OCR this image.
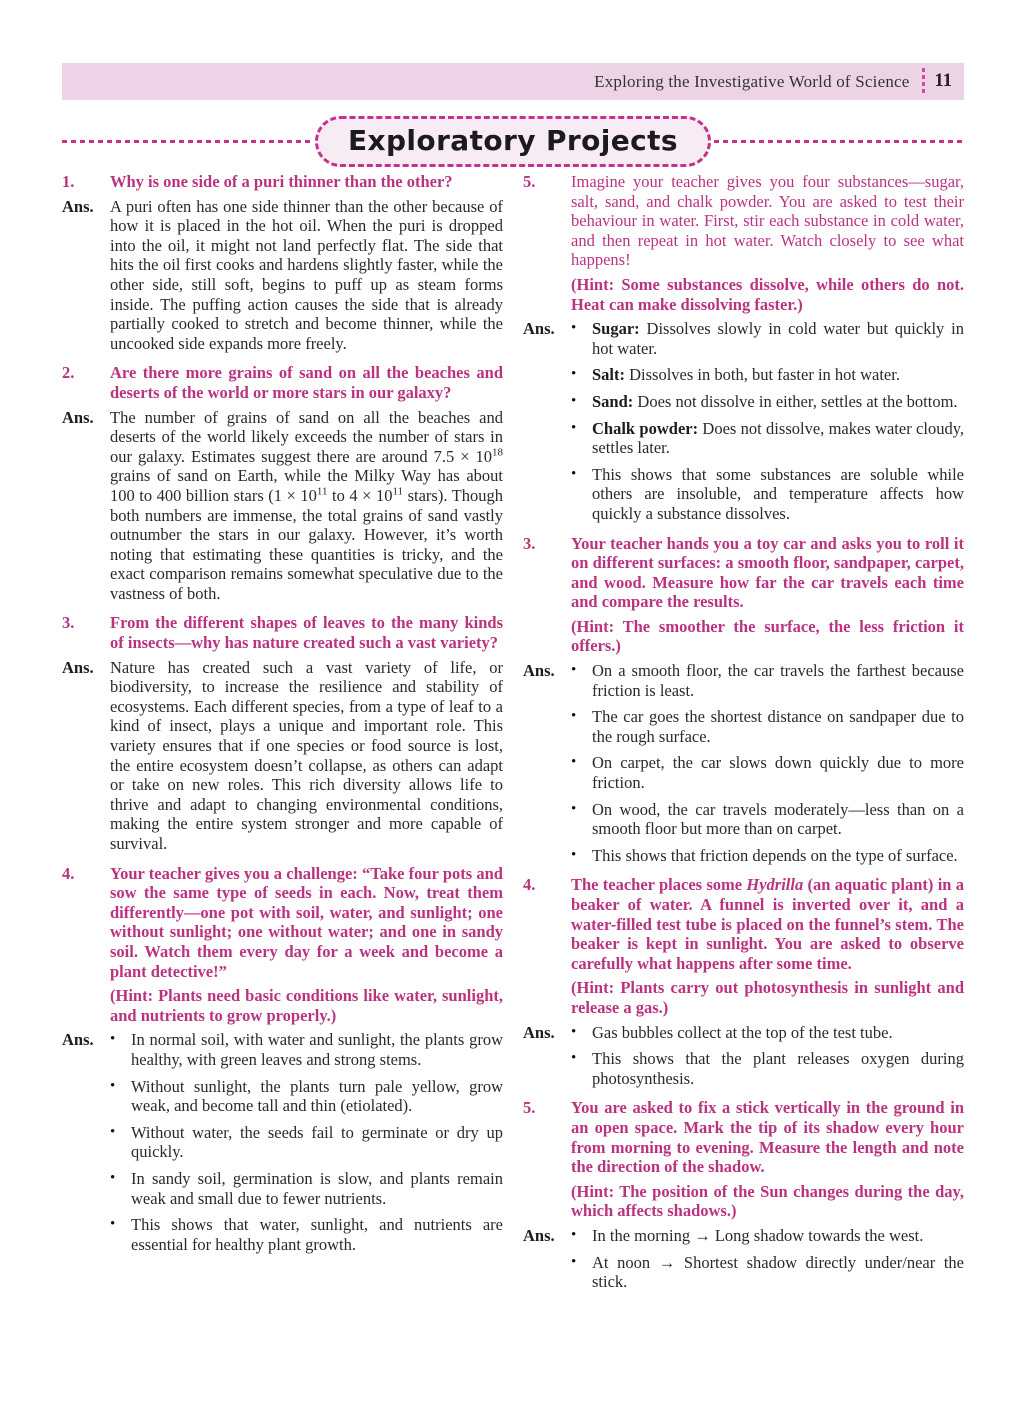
Exploring the Investigative World of Science 11
Exploratory Projects
1.	Why is one side of a puri thinner than the other?

Ans. A puri often has one side thinner than the other because of how it is placed in the hot oil. When the puri is dropped into the oil, it might not land perfectly flat. The side that hits the oil first cooks and hardens slightly faster, while the other side, still soft, begins to puff up as steam forms inside. The puffing action causes the side that is already partially cooked to stretch and become thinner, while the uncooked side expands more freely.

2.	Are there more grains of sand on all the beaches and deserts of the world or more stars in our galaxy?

Ans. The number of grains of sand on all the beaches and deserts of the world likely exceeds the number of stars in our galaxy. Estimates suggest there are around $7.5 \times 10^{18}$ grains of sand on Earth, while the Milky Way has about 100 to 400 billion stars ($1 \times 10^{11}$ to $4 \times 10^{11}$ stars). Though both numbers are immense, the total grains of sand vastly outnumber the stars in our galaxy. However, it’s worth noting that estimating these quantities is tricky, and the exact comparison remains somewhat speculative due to the vastness of both.

3.	From the different shapes of leaves to the many kinds of insects—why has nature created such a vast variety?

Ans. Nature has created such a vast variety of life, or biodiversity, to increase the resilience and stability of ecosystems. Each different species, from a type of leaf to a kind of insect, plays a unique and important role. This variety ensures that if one species or food source is lost, the entire ecosystem doesn’t collapse, as others can adapt or take on new roles. This rich diversity allows life to thrive and adapt to changing environmental conditions, making the entire system stronger and more capable of survival.

4.	Your teacher gives you a challenge: “Take four pots and sow the same type of seeds in each. Now, treat them differently—one pot with soil, water, and sunlight; one without sunlight; one without water; and one in sandy soil. Watch them every day for a week and become a plant detective!”

(Hint: Plants need basic conditions like water, sunlight, and nutrients to grow properly.)

Ans.	• In normal soil, with water and sunlight, the plants grow healthy, with green leaves and strong stems.
• Without sunlight, the plants turn pale yellow, grow weak, and become tall and thin (etiolated).
• Without water, the seeds fail to germinate or dry up quickly.
• In sandy soil, germination is slow, and plants remain weak and small due to fewer nutrients.
• This shows that water, sunlight, and nutrients are essential for healthy plant growth.
5.	Imagine your teacher gives you four substances—sugar, salt, sand, and chalk powder. You are asked to test their behaviour in water. First, stir each substance in cold water, and then repeat in hot water. Watch closely to see what happens!

(Hint: Some substances dissolve, while others do not. Heat can make dissolving faster.)

Ans.	• Sugar: Dissolves slowly in cold water but quickly in hot water.
• Salt: Dissolves in both, but faster in hot water.
• Sand: Does not dissolve in either, settles at the bottom.
• Chalk powder: Does not dissolve, makes water cloudy, settles later.
• This shows that some substances are soluble while others are insoluble, and temperature affects how quickly a substance dissolves.
3.	Your teacher hands you a toy car and asks you to roll it on different surfaces: a smooth floor, sandpaper, carpet, and wood. Measure how far the car travels each time and compare the results.

(Hint: The smoother the surface, the less friction it offers.)

Ans.	• On a smooth floor, the car travels the farthest because friction is least.
• The car goes the shortest distance on sandpaper due to the rough surface.
• On carpet, the car slows down quickly due to more friction.
• On wood, the car travels moderately—less than on a smooth floor but more than on carpet.
• This shows that friction depends on the type of surface.
4.	The teacher places some Hydrilla (an aquatic plant) in a beaker of water. A funnel is inverted over it, and a water-filled test tube is placed on the funnel’s stem. The beaker is kept in sunlight. You are asked to observe carefully what happens after some time.

(Hint: Plants carry out photosynthesis in sunlight and release a gas.)

Ans.	• Gas bubbles collect at the top of the test tube.
• This shows that the plant releases oxygen during photosynthesis.
5.	You are asked to fix a stick vertically in the ground in an open space. Mark the tip of its shadow every hour from morning to evening. Measure the length and note the direction of the shadow.

(Hint: The position of the Sun changes during the day, which affects shadows.)

Ans.	• In the morning → Long shadow towards the west.
• At noon → Shortest shadow directly under/near the stick.
